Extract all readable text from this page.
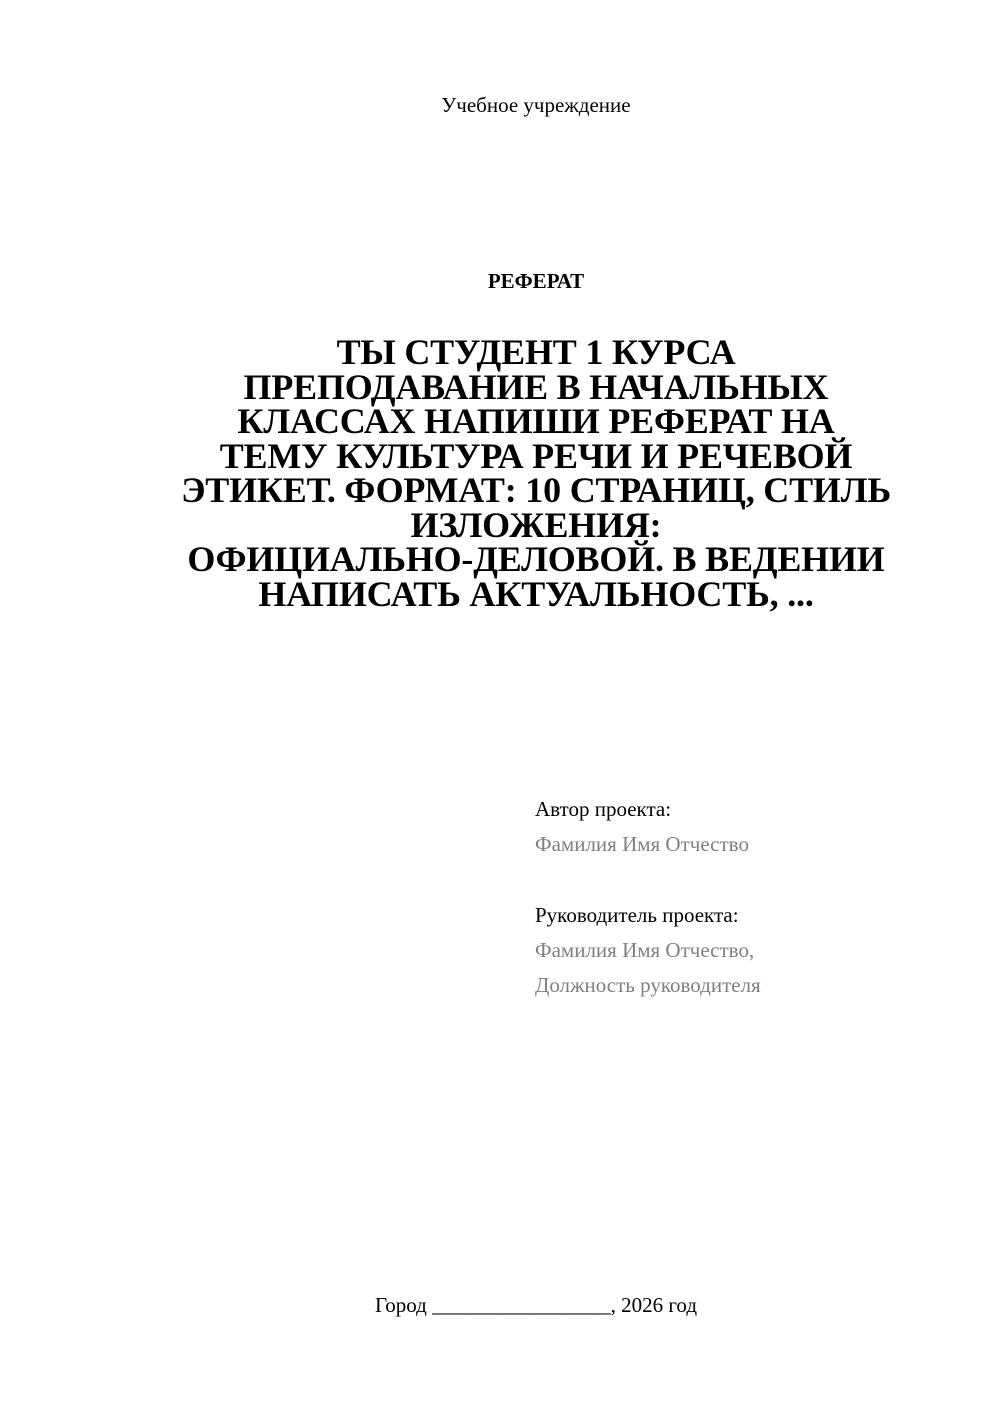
Учебное учреждение
РЕФЕРАТ
ТЫ СТУДЕНТ 1 КУРСА
ПРЕПОДАВАНИЕ В НАЧАЛЬНЫХ
КЛАССАХ НАПИШИ РЕФЕРАТ НА
ТЕМУ КУЛЬТУРА РЕЧИ И РЕЧЕВОЙ
ЭТИКЕТ. ФОРМАТ: 10 СТРАНИЦ, СТИЛЬ
ИЗЛОЖЕНИЯ:
ОФИЦИАЛЬНО-ДЕЛОВОЙ. В ВЕДЕНИИ
НАПИСАТЬ АКТУАЛЬНОСТЬ, ...
Автор проекта:
Фамилия Имя Отчество
Руководитель проекта:
Фамилия Имя Отчество,
Должность руководителя
Город _________________, 2026 год
